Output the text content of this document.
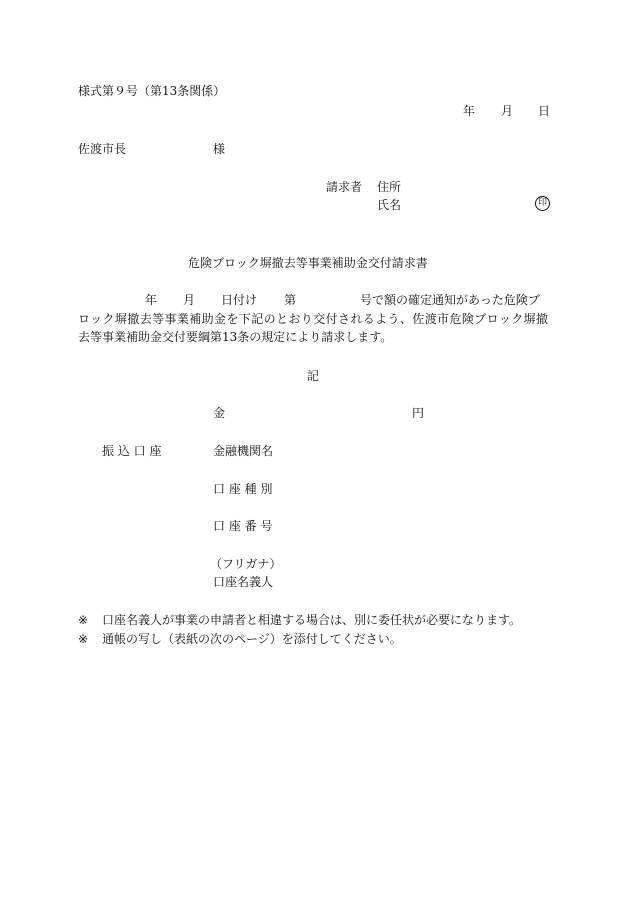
様式第９号（第13条関係）
年 月 日
佐渡市長	様
請求者 住所
氏名	印
危険ブロック塀撤去等事業補助金交付請求書
年 月 日付け 第	号で額の確定通知があった危険ブ
ロック塀撤去等事業補助金を下記のとおり交付されるよう、佐渡市危険ブロック塀撤
去等事業補助金交付要綱第13条の規定により請求します。
記
金	円
振 込 口 座	金融機関名
口 座 種 別
口 座 番 号
（フリガナ）
口座名義人
※ 口座名義人が事業の申請者と相違する場合は、別に委任状が必要になります。
※ 通帳の写し（表紙の次のページ）を添付してください。
